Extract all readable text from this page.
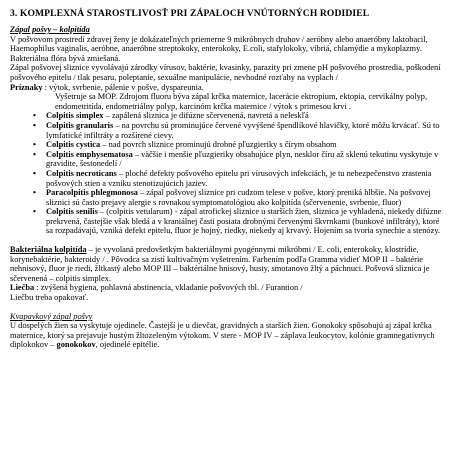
3. KOMPLEXNÁ STAROSTLIVOSŤ PRI ZÁPALOCH VNÚTORNÝCH RODIDIEL

Zápal pošvy – kolpitída

V pošvovom prostredí zdravej ženy je dokázateľných priemerne 9 mikróbnych druhov / aeróbny alebo anaeróbny laktobacil, Haemophilus vaginalis, aeróbne, anaeróbne streptokoky, enterokoky, E.coli, stafylokoky, vibriá, chlamýdie a mykoplazmy. Bakteriálna flóra bývá zmiešaná.

Zápal pošvovej sliznice vyvolávajú zárodky vírusov, baktérie, kvasinky, parazity pri zmene pH pošvového prostredia, poškodení pošvového epitelu / tlak pesaru, poleptanie, sexuálne manipulácie, nevhodné rozťahy na vyplach /

Príznaky : výtok, svrbenie, pálenie v pošve, dyspareunia.

Vyšetruje sa MOP. Zdrojom fluoru býva zápal krčka maternice, lacerácie ektropium, ektopia, cervikálny polyp, endometritída, endometriálny polyp, karcinóm krčka maternice / výtok s primesou krvi .

• Colpitis simplex – zapálená sliznica je difúzne sčervenená, navretá a neleskľá

• Colpitis granularis – na povrchu sú prominujúce červené vyvýšené špendlíkové hlavičky, ktoré môžu krvácať. Sú to lymfatické infiltráty a rozšírené cievy.

• Colpitis cystica – nad povrch sliznice prominujú drobné pľuzgieriky s čírym obsahom

• Colpitis emphysematosa – väčšie i menšie pľuzgieriky obsahujúce plyn, nesklor číru až sklenú tekutinu vyskytuje v gravidite, šestonedelí /

• Colpitis necroticans – ploché defekty pošvového epitelu pri vírusových infekciách, je tu nebezpečenstvo zrastenia pošvových stien a vzniku stenotizujúcich jaziev.

• Paracolpitis phlegmonosa – zápal pošvovej sliznice pri cudzom telese v pošve, ktorý preniká hlbšie. Na pošvovej sliznici sú často prejavy alergie s rovnakou symptomatológiou ako kolpitída (sčervenenie, svrbenie, fluor)

• Colpitis senilis – (colpitis vetularum) - zápal atrofickej sliznice u starších žien, sliznica je vyhladená, niekedy difúzne prekrvená, častejšie však bledá a v kraniálnej časti posiata drobnými červenými škvrnkami (bunkové infiltráty), ktoré sa rozpadávajú, vzniká defekt epitelu, fluor je hojný, riedky, niekedy aj krvavý. Hojením sa tvoria synechie a stenózy.

Bakteriálna kolpitída – je vyvolaná predovšetkým bakteriálnymi pyogénnymi mikróbmi / E. coli, enterokoky, klostrídie, korynebaktérie, bakteroidy / . Pôvodca sa zistí kultivačným vyšetrením. Farbením podľa Gramma vidieť MOP II – baktérie nehnisový, fluor je riedi, žltkastý alebo MOP III – baktériálne hnisový, husty, smotanovo žltý a páchnuci. Pošvová sliznica je sčervenená – colpitis simplex.

Liečba : zvýšená hygiena, pohlavná abstinencia, vkladanie pošvových tbl. / Furantion /

Liečbu treba opakovať.

Kvapavkový zápal pošvy

U dospelých žien sa vyskytuje ojedinele. Častejší je u dievčat, gravidných a starších žien. Gonokoky spôsobujú aj zápal krčka maternice, ktorý sa prejavuje hustým žltozeleným výtokom. V stere - MOP IV – záplava leukocytov, kolónie gramnegatívnych diplokokov – gonokokov, ojedinelé epitélie.
